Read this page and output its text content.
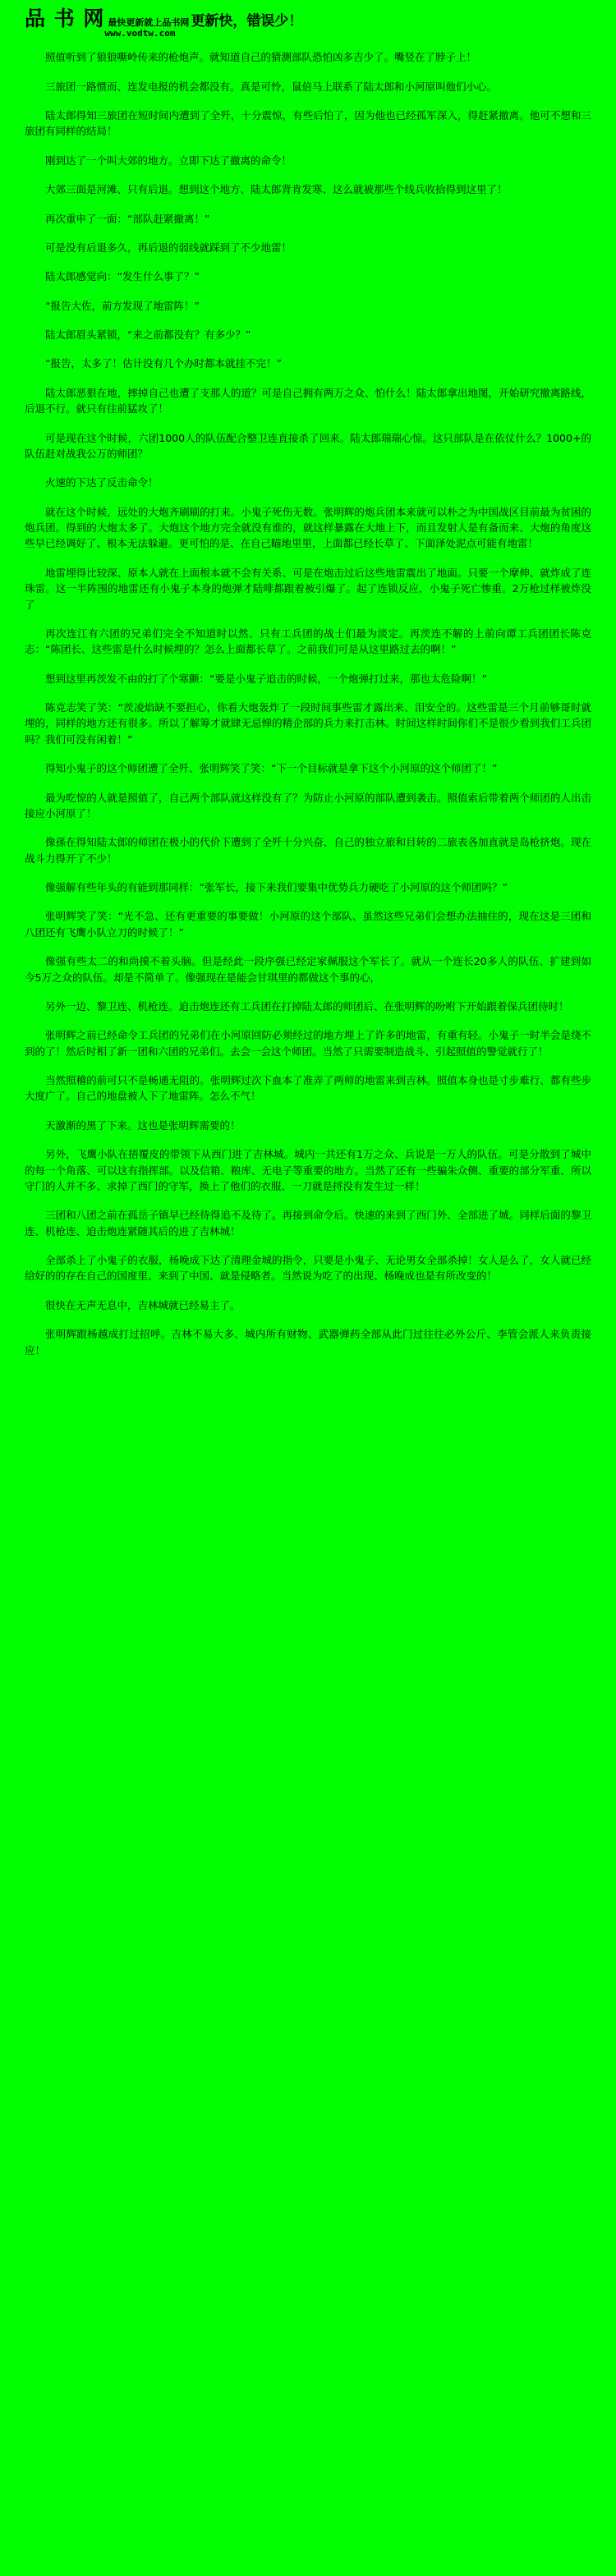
品 书 网 最快更新就上品书网
www.vodtw.com
更新快，错误少！

照值听到了狼狼嘶岭传来的枪炮声。就知道自己的猜测部队恐怕凶多吉少了。嘴竖在了脖子上！

三旅团一路惯而、连发电报的机会都没有。真是可怜，鼠倍马上联系了陆太郎和小河原叫他们小心。

陆太郎得知三旅团在短时间内遭到了全歼，十分震惊，有些后怕了，因为他也已经孤军深入，得赶紧撤离。他可不想和三旅团有同样的结局！

刚到达了一个叫大郊的地方。立即下达了撤离的命令！

大郊三面是河滩、只有后退。想到这个地方、陆太郎背肯发寒、这么就被那些个线兵收拾得到这里了！

再次重申了一面：“部队赶紧撤离！”

可是没有后退多久，再后退的弱线就踩到了不少地雷！

陆太郎感觉向：“发生什么事了？”

“报告大佐，前方发现了地雷阵！”

陆太郎眉头紧锁，“来之前都没有？有多少？”

“报告，太多了！估计没有几个办时都本就挂不完！”

陆太郎恶狠在地，摔掉自己也遭了支那人的道？可是自己拥有两万之众、怕什么！陆太郎拿出地图，开始研究撤离路线，后退不行。就只有往前猛攻了！

可是现在这个时候，六团1000人的队伍配合整卫连直接杀了回来。陆太郎瑞瑞心惊。这只部队是在依仗什么？1000+的队伍赶对战我公万的师团？

火速的下达了反击命令！

就在这个时候，远处的大炮齐刷刷的打来。小鬼子死伤无数。张明辉的炮兵团本来就可以朴之为中国战区目前最为贫困的炮兵团。得到的大炮太多了。大炮这个地方完全就没有谁的，就这样暴露在大地上下，而且发射人是有备而来、大炮的角度这些早已经调好了、根本无法躲避。更可怕的是、在自己瞄地里里，上面都已经长草了、下面泽处泥点可能有地雷！

地雷埋得比较深、原本人就在上面根本就不会有关系、可是在炮击过后这些地雷震出了地面。只要一个摩伸、就炸成了连珠雷。这一半阵围的地雷还有小鬼子本身的炮弹才陆啡都跟着被引爆了。起了连锁反应，小鬼子死亡惨重。2万枪过样被炸没了

再次连江有六团的兄弟们完全不知道时以然、只有工兵团的战士们最为淡定。再茨连不解的上前向谭工兵团团长陈克志：“陈团长、这些雷是什么时候埋的？怎么上面都长草了。之前我们可是从这里路过去的啊！”

想到这里再茨发不由的打了个寒颤：“要是小鬼子追击的时候，一个炮弹打过来，那也太危险啊！”

陈克志笑了笑：“茨凌焰缺不要担心，你看大炮轰炸了一段时间事些雷才露出来、泪安全的。这些雷是三个月前够哥时就埋的，同样的地方还有很多。所以了解筹才就肆无忌惮的精企部的兵力来打击林。时间这样时间你们不是很少看到我们工兵团吗？我们可没有闲着！”

得知小鬼子的这个师团遭了全歼、张明辉笑了笑：“下一个目标就是拿下这个小河原的这个师团了！”

最为吃惊的人就是照值了，自己两个部队就这样没有了？为防止小河原的部队遭到袭击。照值索后带着两个师团的人出击接应小河原了！

像孫在得知陆太郎的师团在极小的代价下遭到了全歼十分兴奋、自己的独立旅和目转的二旅表各加直就是岛枪挤炮。现在战斗力得开了不少！

像强解有些年头的有能到那同样：“张军长，接下来我们要集中优势兵力硬吃了小河原的这个师团吗？”

张明辉笑了笑：“光不急、还有更重要的事要做！小河原的这个部队、虽然这些兄弟们会想办法抽住的，现在这是三团和八团还有飞鹰小队立刀的时候了！”

像强有些太二的和尚摸不着头脑。但是经此一段序强已经定家佩服这个军长了。就从一个连长20多人的队伍、扩建到如今5万之众的队伍。却是不简单了。像强现在是能会甘琪里的都做这个事的心，

另外一边、黎卫连、机枪连。迫击炮连还有工兵团在打掉陆太郎的师团后、在张明辉的吩咐下开始跟着保兵团待时！

张明辉之前已经命令工兵团的兄弟们在小河原回防必须经过的地方埋上了许多的地雷，有重有轻。小鬼子一时半会是绕不到的了！然后时相了新一团和六团的兄弟们。去会一会这个师团。当然了只需要制造战斗、引起照值的警觉就行了！

当然照稽的前可只不是畅通无阻的。张明辉过次下血本了准弄了两师的地雷来到吉林。照值本身也是寸步难行、都有些步大度广了。自己的地盘被人下了地雷阵。怎么不气！

天激渐的黑了下来。这也是张明辉需要的！

另外，飞鹰小队在捂覆皮的带领下从西门进了吉林城。城内一共还有1万之众、兵说是一万人的队伍。可是分散到了城中的每一个角落、可以这有指挥部。以及信箱、粮库、无电子等重要的地方。当然了还有一些骗朱众侧、重要的部分军重、所以守门的人并不多、求掉了西门的守军，换上了他们的衣服、一刀就是捋没有发生过一样！

三团和八团之前在孤岳子镇早已经待得追不及待了。再接到命令后。快速的来到了西门外、全部进了城。同样后面的黎卫连、机枪连、迫击炮连紧随其后的进了吉林城！

全部杀上了小鬼子的衣服，杨晚成下达了清理金城的指令，只要是小鬼子、无论男女全部杀掉！女人是么了，女人就已经给好的的存在自己的国度里、来到了中国、就是侵略者。当然说为吃了的出现、杨晚成也是有所改变的！

很快在无声无息中，吉林城就已经易主了。

张明辉跟杨越成打过招呼。吉林不易大多、城内所有财物、武器弹药全部从此门过往往必外公斤、李管会派人来负责接应！
